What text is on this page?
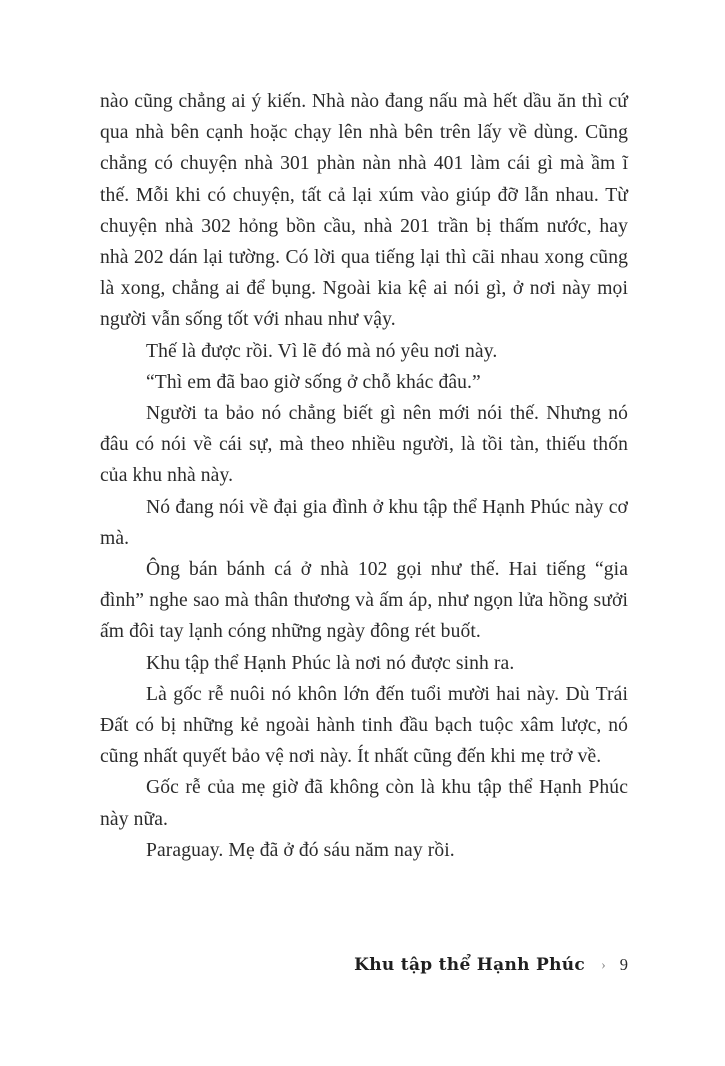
nào cũng chẳng ai ý kiến. Nhà nào đang nấu mà hết dầu ăn thì cứ qua nhà bên cạnh hoặc chạy lên nhà bên trên lấy về dùng. Cũng chẳng có chuyện nhà 301 phàn nàn nhà 401 làm cái gì mà ầm ĩ thế. Mỗi khi có chuyện, tất cả lại xúm vào giúp đỡ lẫn nhau. Từ chuyện nhà 302 hỏng bồn cầu, nhà 201 trần bị thấm nước, hay nhà 202 dán lại tường. Có lời qua tiếng lại thì cãi nhau xong cũng là xong, chẳng ai để bụng. Ngoài kia kệ ai nói gì, ở nơi này mọi người vẫn sống tốt với nhau như vậy.

Thế là được rồi. Vì lẽ đó mà nó yêu nơi này.

“Thì em đã bao giờ sống ở chỗ khác đâu.”

Người ta bảo nó chẳng biết gì nên mới nói thế. Nhưng nó đâu có nói về cái sự, mà theo nhiều người, là tồi tàn, thiếu thốn của khu nhà này.

Nó đang nói về đại gia đình ở khu tập thể Hạnh Phúc này cơ mà.

Ông bán bánh cá ở nhà 102 gọi như thế. Hai tiếng “gia đình” nghe sao mà thân thương và ấm áp, như ngọn lửa hồng sưởi ấm đôi tay lạnh cóng những ngày đông rét buốt.

Khu tập thể Hạnh Phúc là nơi nó được sinh ra.

Là gốc rễ nuôi nó khôn lớn đến tuổi mười hai này. Dù Trái Đất có bị những kẻ ngoài hành tinh đầu bạch tuộc xâm lược, nó cũng nhất quyết bảo vệ nơi này. Ít nhất cũng đến khi mẹ trở về.

Gốc rễ của mẹ giờ đã không còn là khu tập thể Hạnh Phúc này nữa.

Paraguay. Mẹ đã ở đó sáu năm nay rồi.

Khu tập thể Hạnh Phúc › 9
